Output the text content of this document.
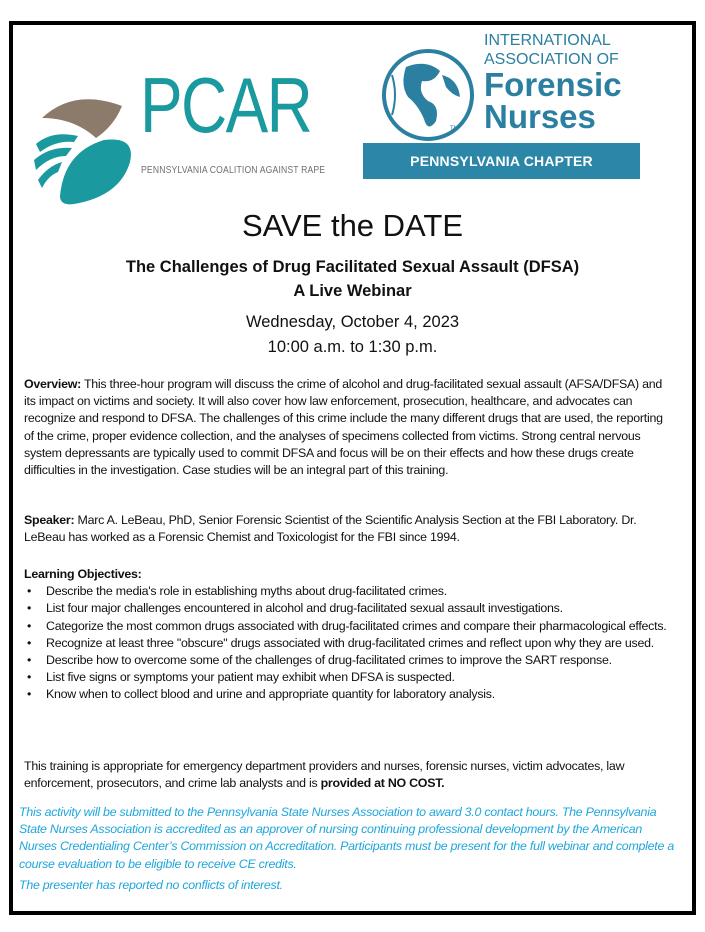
PCAR
PENNSYLVANIA COALITION AGAINST RAPE
INTERNATIONAL
ASSOCIATION OF
Forensic
Nurses
TM
PENNSYLVANIA CHAPTER
SAVE the DATE
The Challenges of Drug Facilitated Sexual Assault (DFSA)
A Live Webinar
Wednesday, October 4, 2023
10:00 a.m. to 1:30 p.m.

Overview: This three-hour program will discuss the crime of alcohol and drug-facilitated sexual assault (AFSA/DFSA) and its impact on victims and society. It will also cover how law enforcement, prosecution, healthcare, and advocates can recognize and respond to DFSA. The challenges of this crime include the many different drugs that are used, the reporting of the crime, proper evidence collection, and the analyses of specimens collected from victims. Strong central nervous system depressants are typically used to commit DFSA and focus will be on their effects and how these drugs create difficulties in the investigation. Case studies will be an integral part of this training.

Speaker: Marc A. LeBeau, PhD, Senior Forensic Scientist of the Scientific Analysis Section at the FBI Laboratory. Dr. LeBeau has worked as a Forensic Chemist and Toxicologist for the FBI since 1994.

Learning Objectives:

• Describe the media's role in establishing myths about drug-facilitated crimes.
• List four major challenges encountered in alcohol and drug-facilitated sexual assault investigations.
• Categorize the most common drugs associated with drug-facilitated crimes and compare their pharmacological effects.
• Recognize at least three "obscure" drugs associated with drug-facilitated crimes and reflect upon why they are used.
• Describe how to overcome some of the challenges of drug-facilitated crimes to improve the SART response.
• List five signs or symptoms your patient may exhibit when DFSA is suspected.
• Know when to collect blood and urine and appropriate quantity for laboratory analysis.

This training is appropriate for emergency department providers and nurses, forensic nurses, victim advocates, law enforcement, prosecutors, and crime lab analysts and is provided at NO COST.

This activity will be submitted to the Pennsylvania State Nurses Association to award 3.0 contact hours. The Pennsylvania State Nurses Association is accredited as an approver of nursing continuing professional development by the American Nurses Credentialing Center’s Commission on Accreditation. Participants must be present for the full webinar and complete a course evaluation to be eligible to receive CE credits.
The presenter has reported no conflicts of interest.
